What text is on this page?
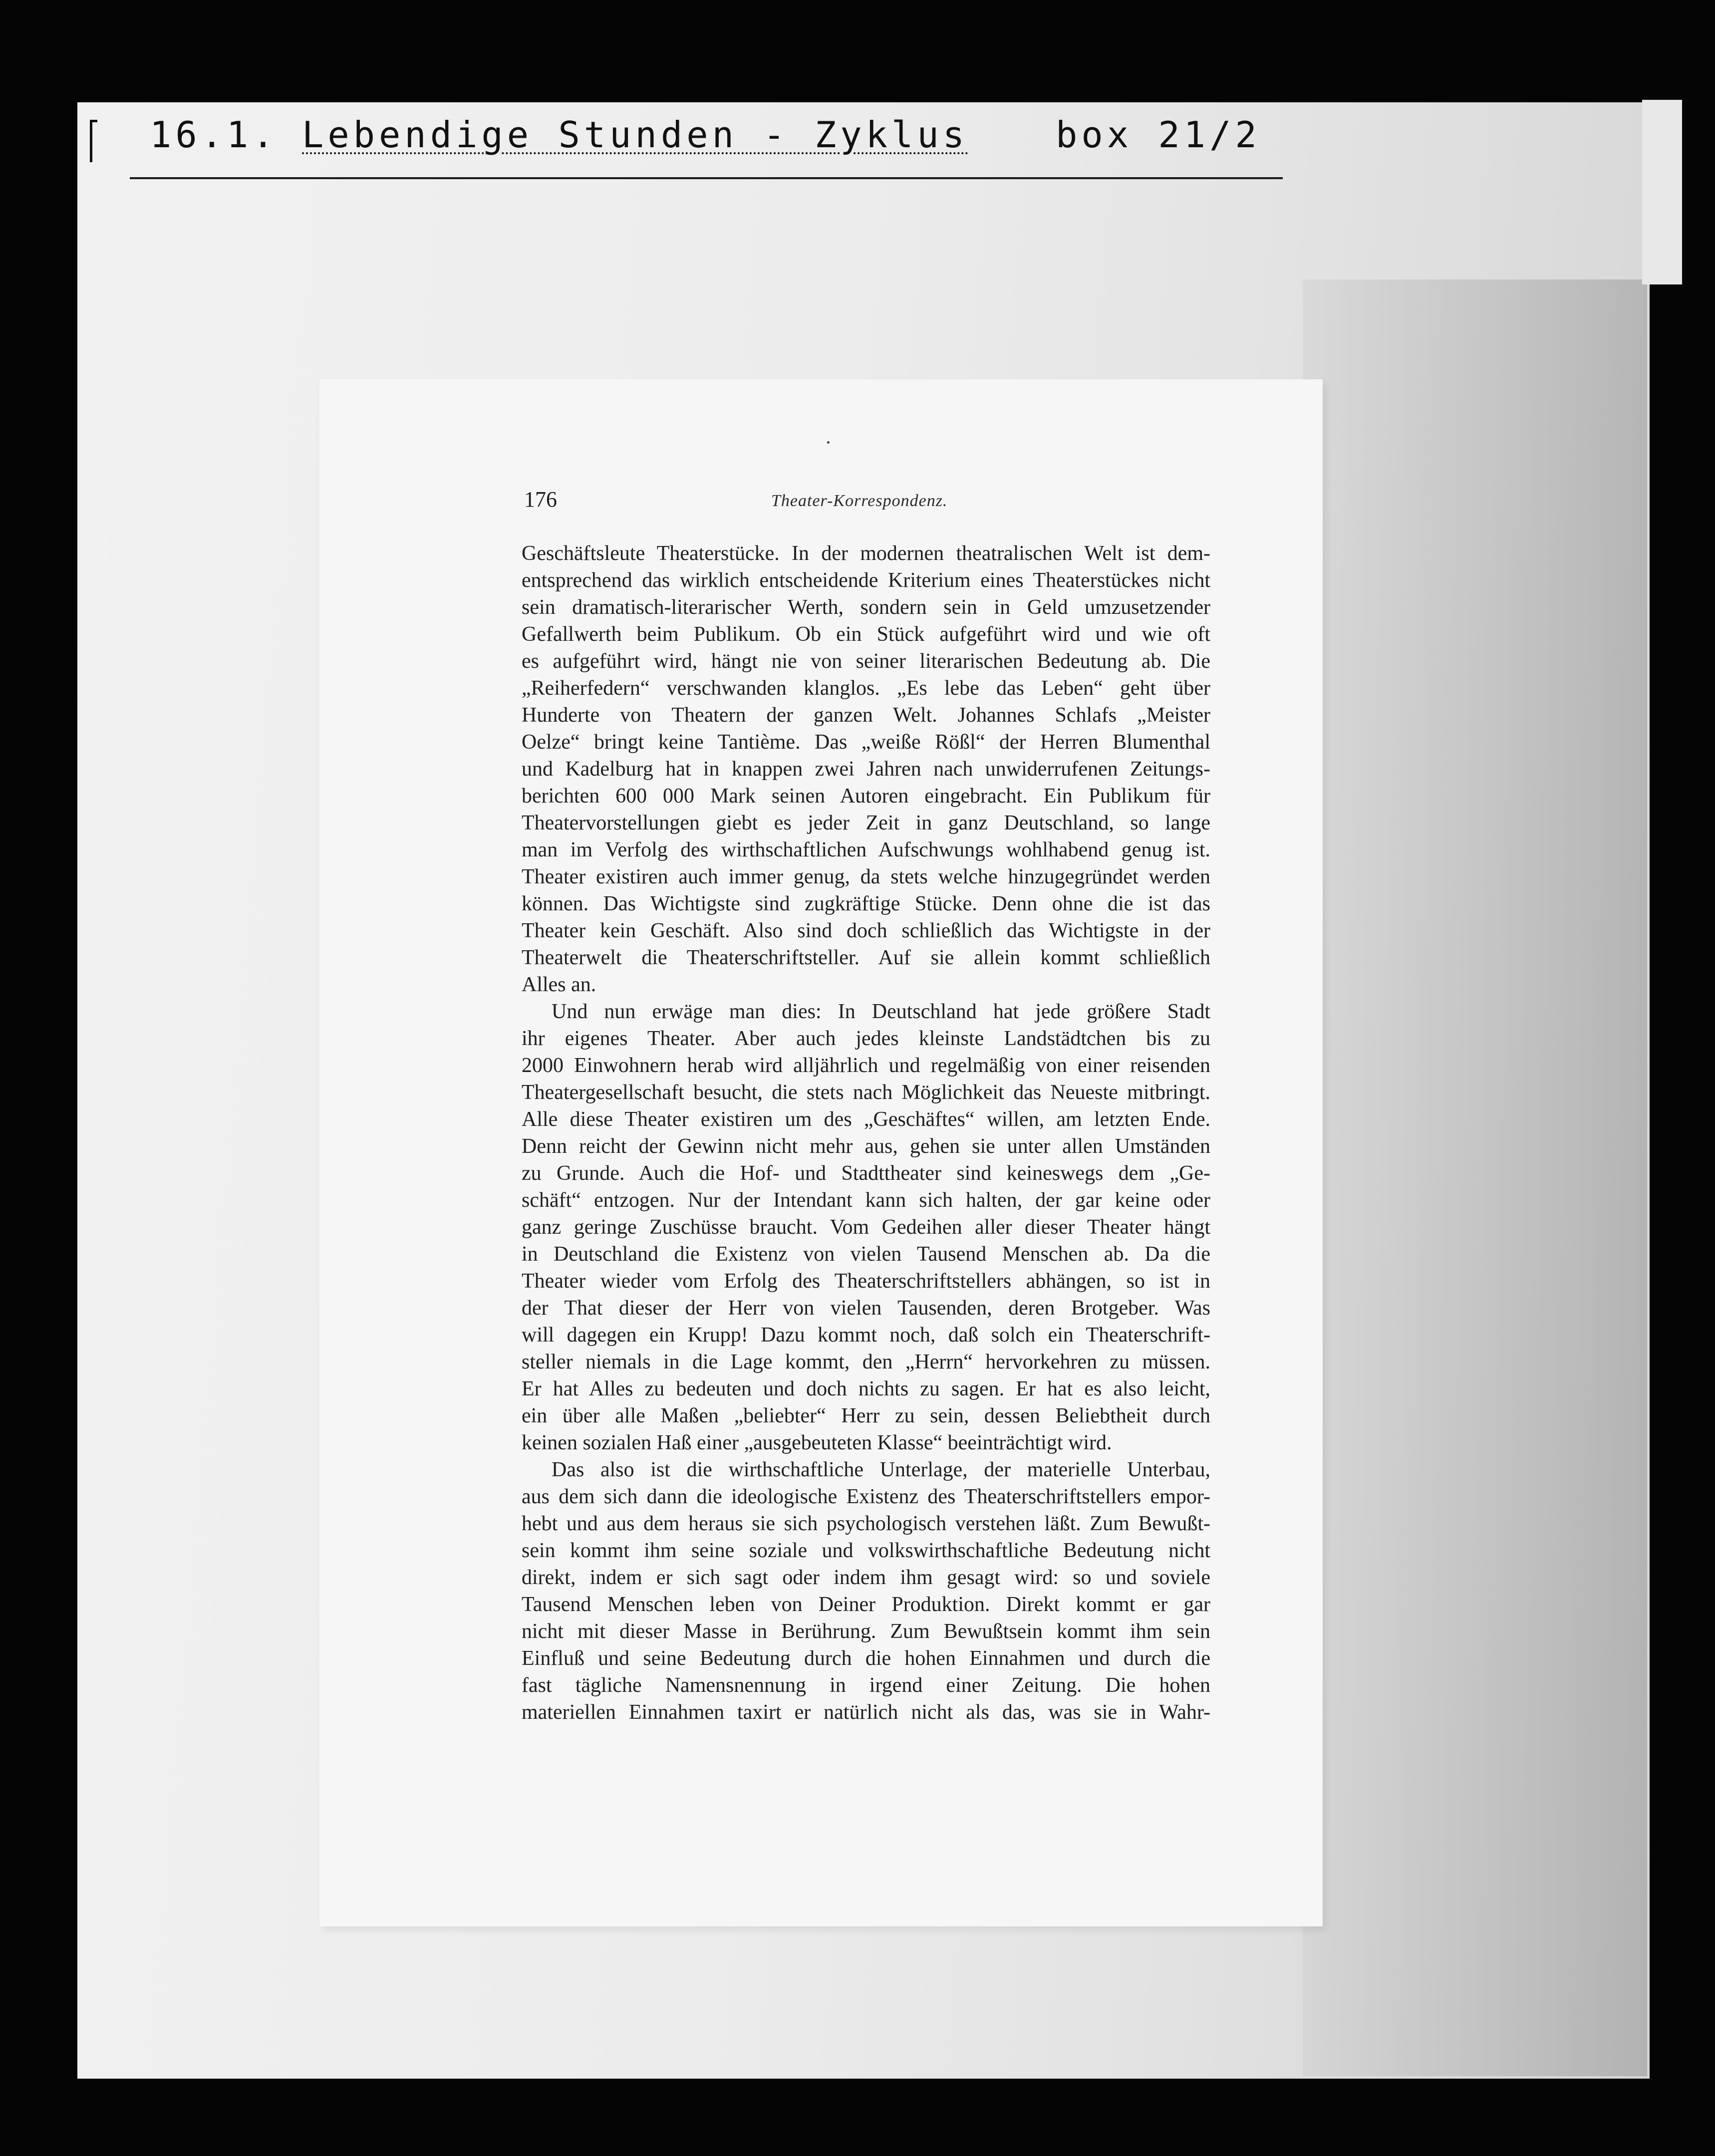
16.1. Lebendige Stunden - Zyklus box 21/2
176	Theater-Korrespondenz.
Geschäftsleute Theaterstücke. In der modernen theatralischen Welt ist dem-
entsprechend das wirklich entscheidende Kriterium eines Theaterstückes nicht
sein dramatisch-literarischer Werth, sondern sein in Geld umzusetzender
Gefallwerth beim Publikum. Ob ein Stück aufgeführt wird und wie oft
es aufgeführt wird, hängt nie von seiner literarischen Bedeutung ab. Die
„Reiherfedern“ verschwanden klanglos. „Es lebe das Leben“ geht über
Hunderte von Theatern der ganzen Welt. Johannes Schlafs „Meister
Oelze“ bringt keine Tantième. Das „weiße Rößl“ der Herren Blumenthal
und Kadelburg hat in knappen zwei Jahren nach unwiderrufenen Zeitungs-
berichten 600 000 Mark seinen Autoren eingebracht. Ein Publikum für
Theatervorstellungen giebt es jeder Zeit in ganz Deutschland, so lange
man im Verfolg des wirthschaftlichen Aufschwungs wohlhabend genug ist.
Theater existiren auch immer genug, da stets welche hinzugegründet werden
können. Das Wichtigste sind zugkräftige Stücke. Denn ohne die ist das
Theater kein Geschäft. Also sind doch schließlich das Wichtigste in der
Theaterwelt die Theaterschriftsteller. Auf sie allein kommt schließlich
Alles an.
Und nun erwäge man dies: In Deutschland hat jede größere Stadt
ihr eigenes Theater. Aber auch jedes kleinste Landstädtchen bis zu
2000 Einwohnern herab wird alljährlich und regelmäßig von einer reisenden
Theatergesellschaft besucht, die stets nach Möglichkeit das Neueste mitbringt.
Alle diese Theater existiren um des „Geschäftes“ willen, am letzten Ende.
Denn reicht der Gewinn nicht mehr aus, gehen sie unter allen Umständen
zu Grunde. Auch die Hof- und Stadttheater sind keineswegs dem „Ge-
schäft“ entzogen. Nur der Intendant kann sich halten, der gar keine oder
ganz geringe Zuschüsse braucht. Vom Gedeihen aller dieser Theater hängt
in Deutschland die Existenz von vielen Tausend Menschen ab. Da die
Theater wieder vom Erfolg des Theaterschriftstellers abhängen, so ist in
der That dieser der Herr von vielen Tausenden, deren Brotgeber. Was
will dagegen ein Krupp! Dazu kommt noch, daß solch ein Theaterschrift-
steller niemals in die Lage kommt, den „Herrn“ hervorkehren zu müssen.
Er hat Alles zu bedeuten und doch nichts zu sagen. Er hat es also leicht,
ein über alle Maßen „beliebter“ Herr zu sein, dessen Beliebtheit durch
keinen sozialen Haß einer „ausgebeuteten Klasse“ beeinträchtigt wird.
Das also ist die wirthschaftliche Unterlage, der materielle Unterbau,
aus dem sich dann die ideologische Existenz des Theaterschriftstellers empor-
hebt und aus dem heraus sie sich psychologisch verstehen läßt. Zum Bewußt-
sein kommt ihm seine soziale und volkswirthschaftliche Bedeutung nicht
direkt, indem er sich sagt oder indem ihm gesagt wird: so und soviele
Tausend Menschen leben von Deiner Produktion. Direkt kommt er gar
nicht mit dieser Masse in Berührung. Zum Bewußtsein kommt ihm sein
Einfluß und seine Bedeutung durch die hohen Einnahmen und durch die
fast tägliche Namensnennung in irgend einer Zeitung. Die hohen
materiellen Einnahmen taxirt er natürlich nicht als das, was sie in Wahr-
